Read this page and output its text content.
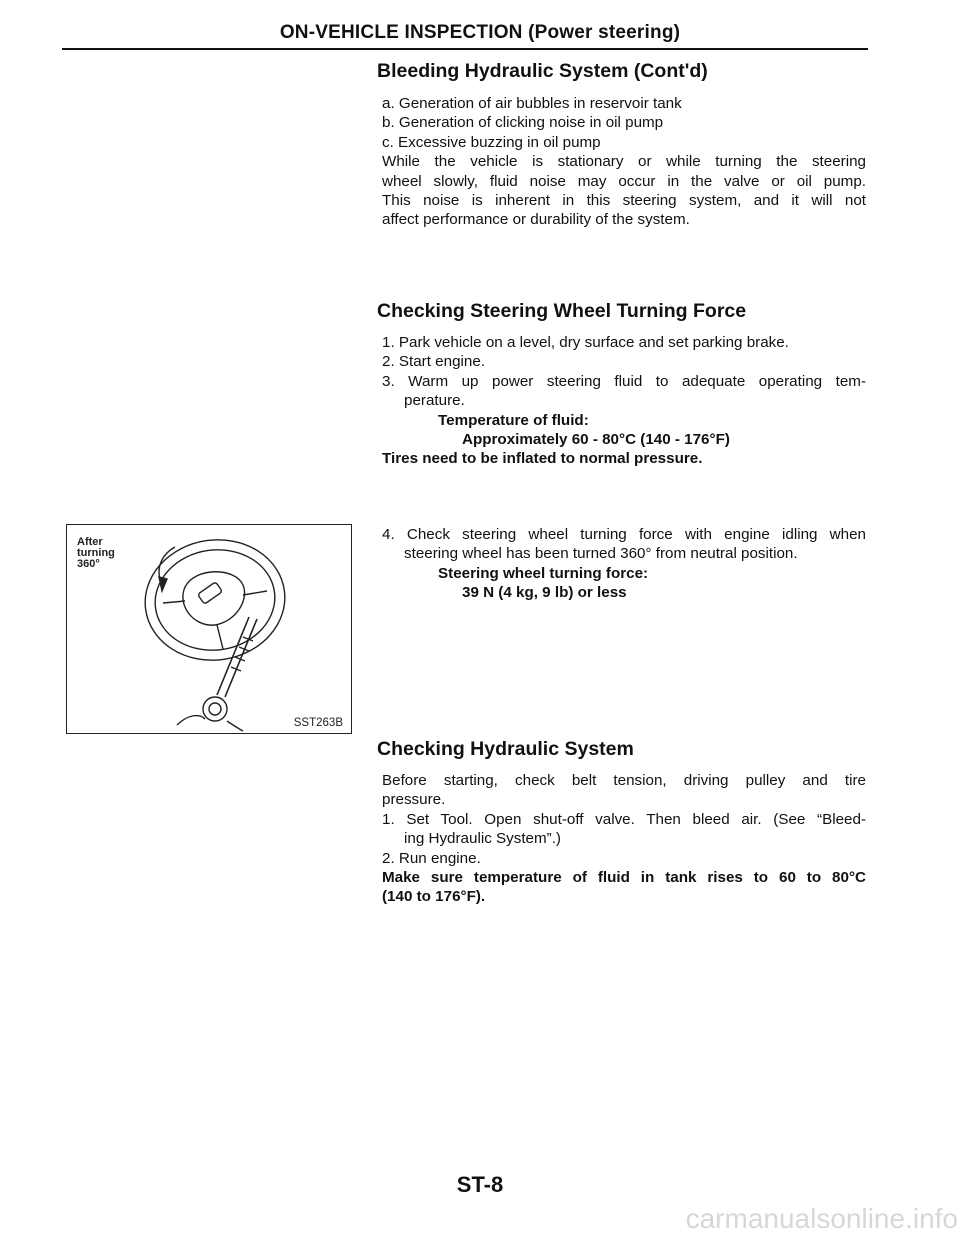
ON-VEHICLE INSPECTION (Power steering)
Bleeding Hydraulic System (Cont'd)
a. Generation of air bubbles in reservoir tank
b. Generation of clicking noise in oil pump
c. Excessive buzzing in oil pump
While the vehicle is stationary or while turning the steering
wheel slowly, fluid noise may occur in the valve or oil pump.
This noise is inherent in this steering system, and it will not
affect performance or durability of the system.
Checking Steering Wheel Turning Force
1. Park vehicle on a level, dry surface and set parking brake.
2. Start engine.
3. Warm up power steering fluid to adequate operating tem-
perature.
Temperature of fluid:
Approximately 60 - 80°C (140 - 176°F)
Tires need to be inflated to normal pressure.
4. Check steering wheel turning force with engine idling when
steering wheel has been turned 360° from neutral position.
Steering wheel turning force:
39 N (4 kg, 9 lb) or less
After
turning
360°
SST263B
Checking Hydraulic System
Before starting, check belt tension, driving pulley and tire
pressure.
1. Set Tool. Open shut-off valve. Then bleed air. (See “Bleed-
ing Hydraulic System”.)
2. Run engine.
Make sure temperature of fluid in tank rises to 60 to 80°C
(140 to 176°F).
ST-8
carmanualsonline.info
